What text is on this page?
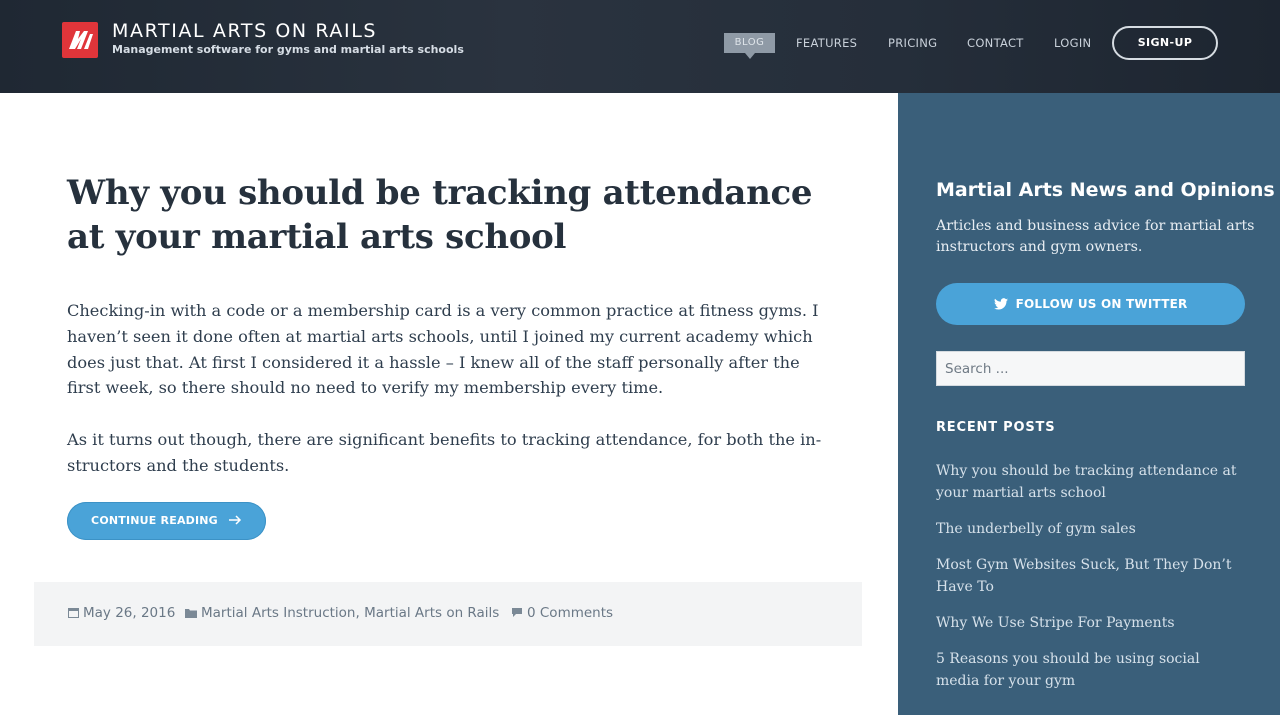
MARTIAL ARTS ON RAILS
Management software for gyms and martial arts schools
BLOG	FEATURES	PRICING	CONTACT	LOGIN	SIGN-UP
Why you should be tracking attendance at your martial arts school

Checking-in with a code or a membership card is a very common practice at fitness gyms. I haven’t seen it done often at martial arts schools, until I joined my current academy which does just that. At first I considered it a hassle – I knew all of the staff personally after the first week, so there should no need to verify my membership every time.

As it turns out though, there are significant benefits to tracking attendance, for both the instructors and the students.

CONTINUE READING
May 26, 2016	Martial Arts Instruction, Martial Arts on Rails	0 Comments
Martial Arts News and Opinions

Articles and business advice for martial arts instructors and gym owners.

FOLLOW US ON TWITTER
Search ...
RECENT POSTS
Why you should be tracking attendance at your martial arts school
The underbelly of gym sales
Most Gym Websites Suck, But They Don’t Have To
Why We Use Stripe For Payments
5 Reasons you should be using social media for your gym
